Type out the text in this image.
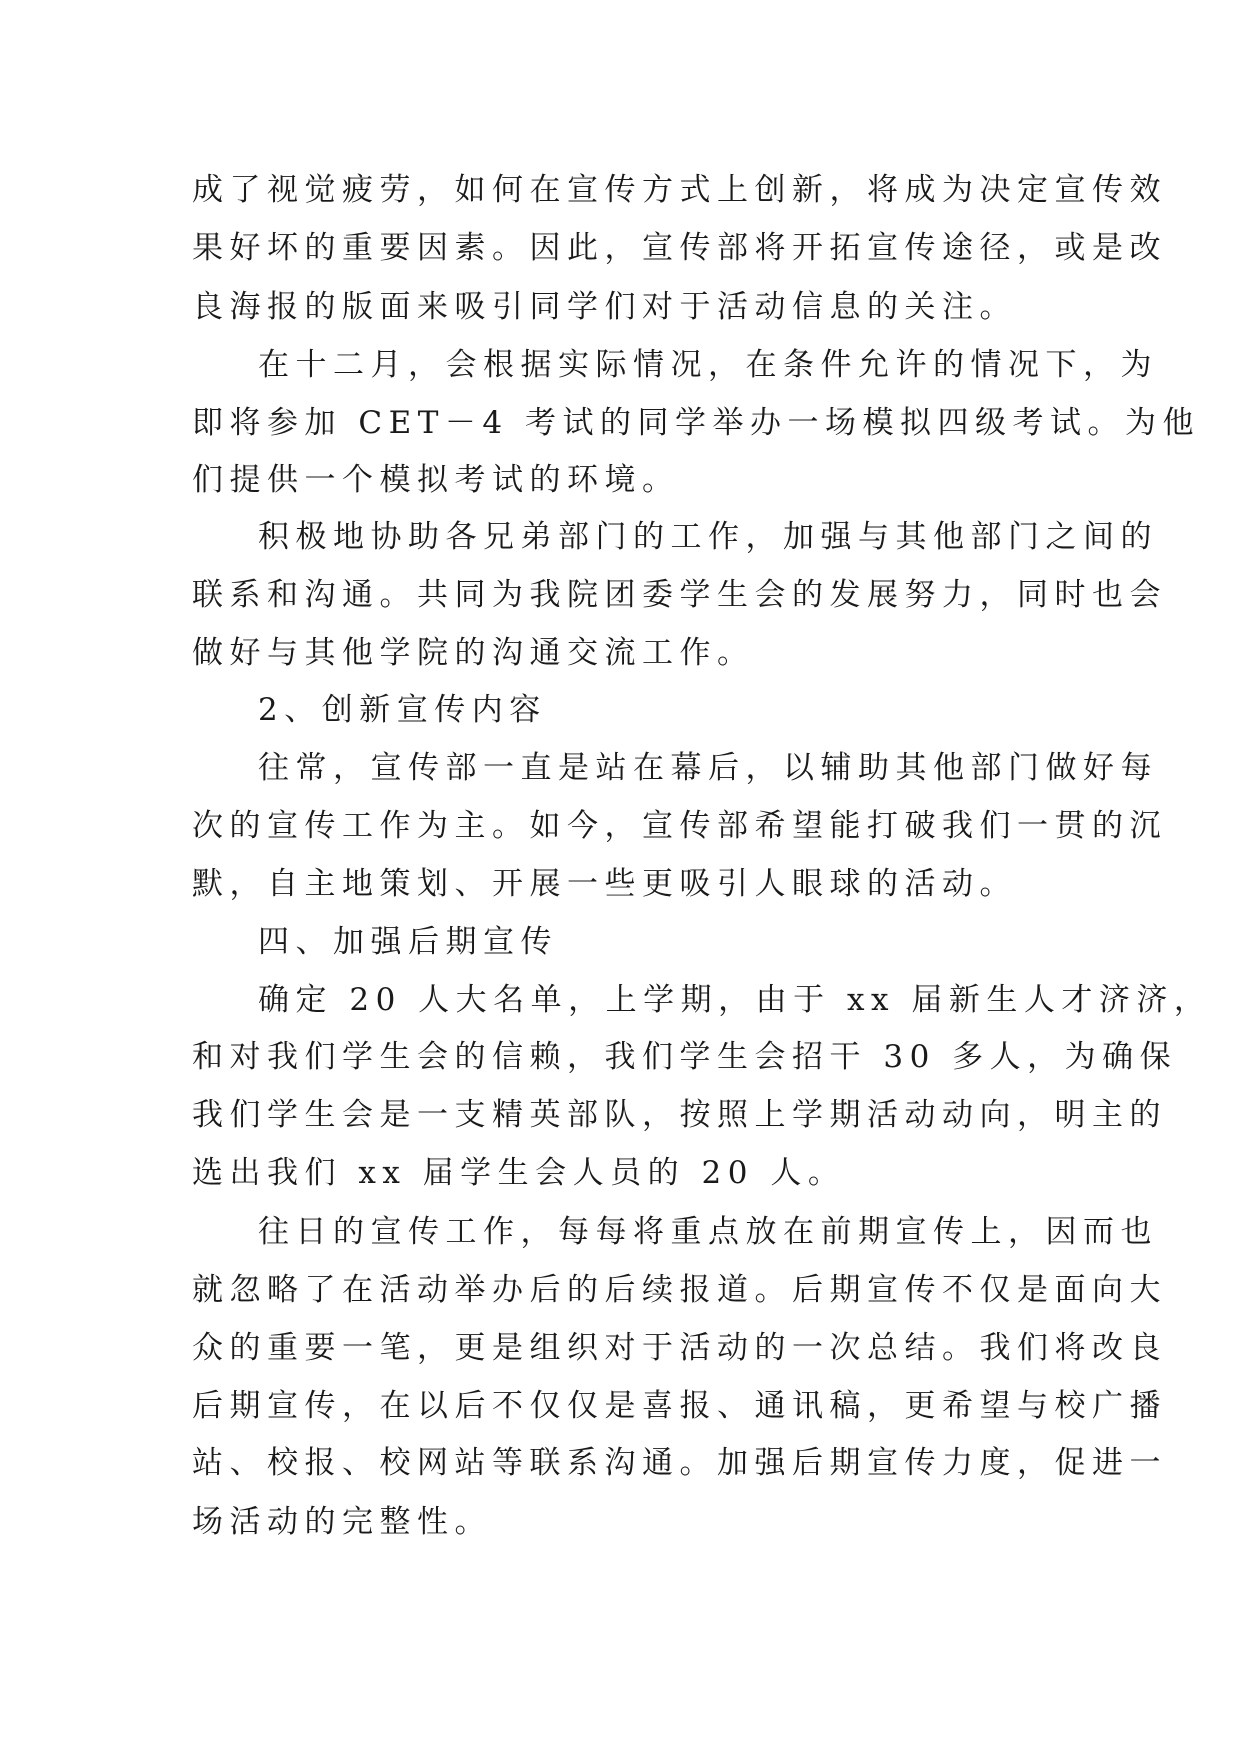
成了视觉疲劳，如何在宣传方式上创新，将成为决定宣传效
果好坏的重要因素。因此，宣传部将开拓宣传途径，或是改
良海报的版面来吸引同学们对于活动信息的关注。
在十二月，会根据实际情况，在条件允许的情况下，为
即将参加 CET－4 考试的同学举办一场模拟四级考试。为他
们提供一个模拟考试的环境。
积极地协助各兄弟部门的工作，加强与其他部门之间的
联系和沟通。共同为我院团委学生会的发展努力，同时也会
做好与其他学院的沟通交流工作。
2、创新宣传内容
往常，宣传部一直是站在幕后，以辅助其他部门做好每
次的宣传工作为主。如今，宣传部希望能打破我们一贯的沉
默，自主地策划、开展一些更吸引人眼球的活动。
四、加强后期宣传
确定 20 人大名单，上学期，由于 xx 届新生人才济济，
和对我们学生会的信赖，我们学生会招干 30 多人，为确保
我们学生会是一支精英部队，按照上学期活动动向，明主的
选出我们 xx 届学生会人员的 20 人。
往日的宣传工作，每每将重点放在前期宣传上，因而也
就忽略了在活动举办后的后续报道。后期宣传不仅是面向大
众的重要一笔，更是组织对于活动的一次总结。我们将改良
后期宣传，在以后不仅仅是喜报、通讯稿，更希望与校广播
站、校报、校网站等联系沟通。加强后期宣传力度，促进一
场活动的完整性。
